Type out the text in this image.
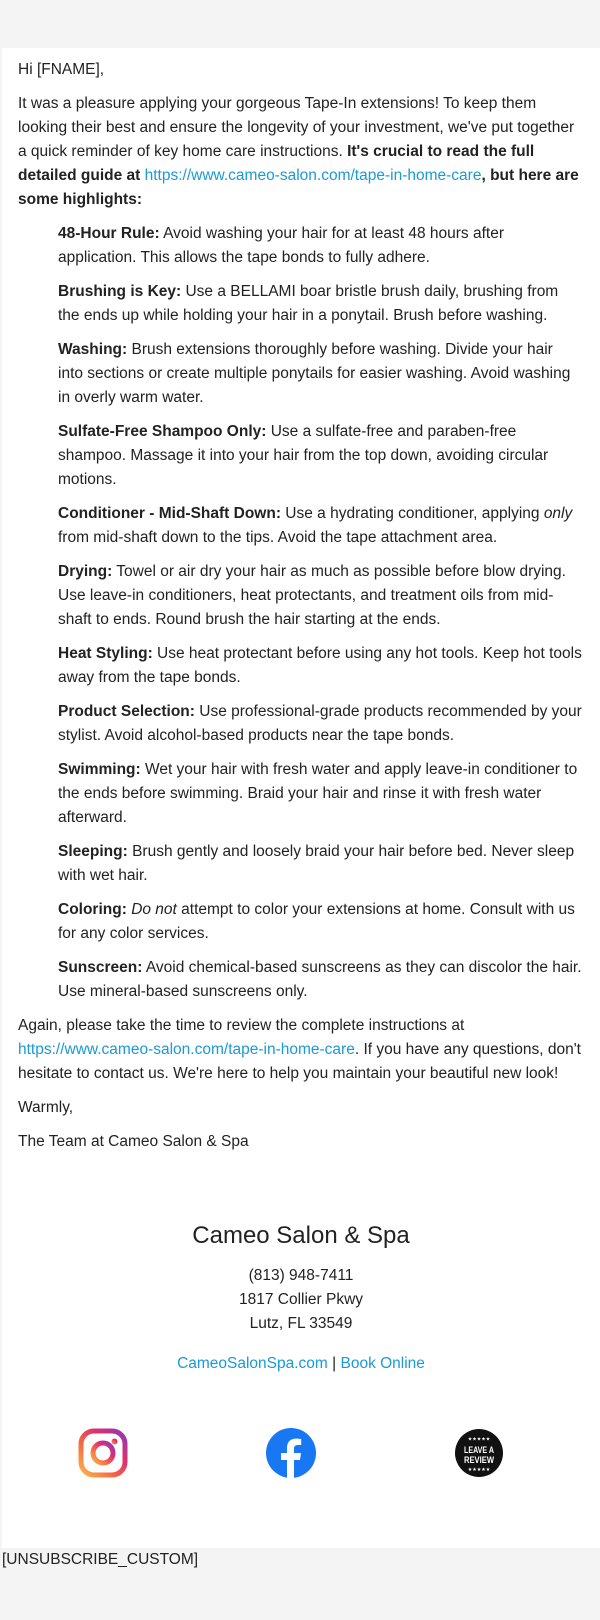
Hi [FNAME],

It was a pleasure applying your gorgeous Tape-In extensions! To keep them looking their best and ensure the longevity of your investment, we've put together a quick reminder of key home care instructions. It's crucial to read the full detailed guide at https://www.cameo-salon.com/tape-in-home-care, but here are some highlights:

48-Hour Rule: Avoid washing your hair for at least 48 hours after application. This allows the tape bonds to fully adhere.
Brushing is Key: Use a BELLAMI boar bristle brush daily, brushing from the ends up while holding your hair in a ponytail. Brush before washing.
Washing: Brush extensions thoroughly before washing. Divide your hair into sections or create multiple ponytails for easier washing. Avoid washing in overly warm water.
Sulfate-Free Shampoo Only: Use a sulfate-free and paraben-free shampoo. Massage it into your hair from the top down, avoiding circular motions.
Conditioner - Mid-Shaft Down: Use a hydrating conditioner, applying only from mid-shaft down to the tips. Avoid the tape attachment area.
Drying: Towel or air dry your hair as much as possible before blow drying. Use leave-in conditioners, heat protectants, and treatment oils from mid-shaft to ends. Round brush the hair starting at the ends.
Heat Styling: Use heat protectant before using any hot tools. Keep hot tools away from the tape bonds.
Product Selection: Use professional-grade products recommended by your stylist. Avoid alcohol-based products near the tape bonds.
Swimming: Wet your hair with fresh water and apply leave-in conditioner to the ends before swimming. Braid your hair and rinse it with fresh water afterward.
Sleeping: Brush gently and loosely braid your hair before bed. Never sleep with wet hair.
Coloring: Do not attempt to color your extensions at home. Consult with us for any color services.
Sunscreen: Avoid chemical-based sunscreens as they can discolor the hair. Use mineral-based sunscreens only.

Again, please take the time to review the complete instructions at https://www.cameo-salon.com/tape-in-home-care. If you have any questions, don't hesitate to contact us. We're here to help you maintain your beautiful new look!

Warmly,

The Team at Cameo Salon & Spa

Cameo Salon & Spa
(813) 948-7411
1817 Collier Pkwy
Lutz, FL 33549
CameoSalonSpa.com | Book Online
★★★★★
LEAVE A
REVIEW
★★★★★
[UNSUBSCRIBE_CUSTOM]
